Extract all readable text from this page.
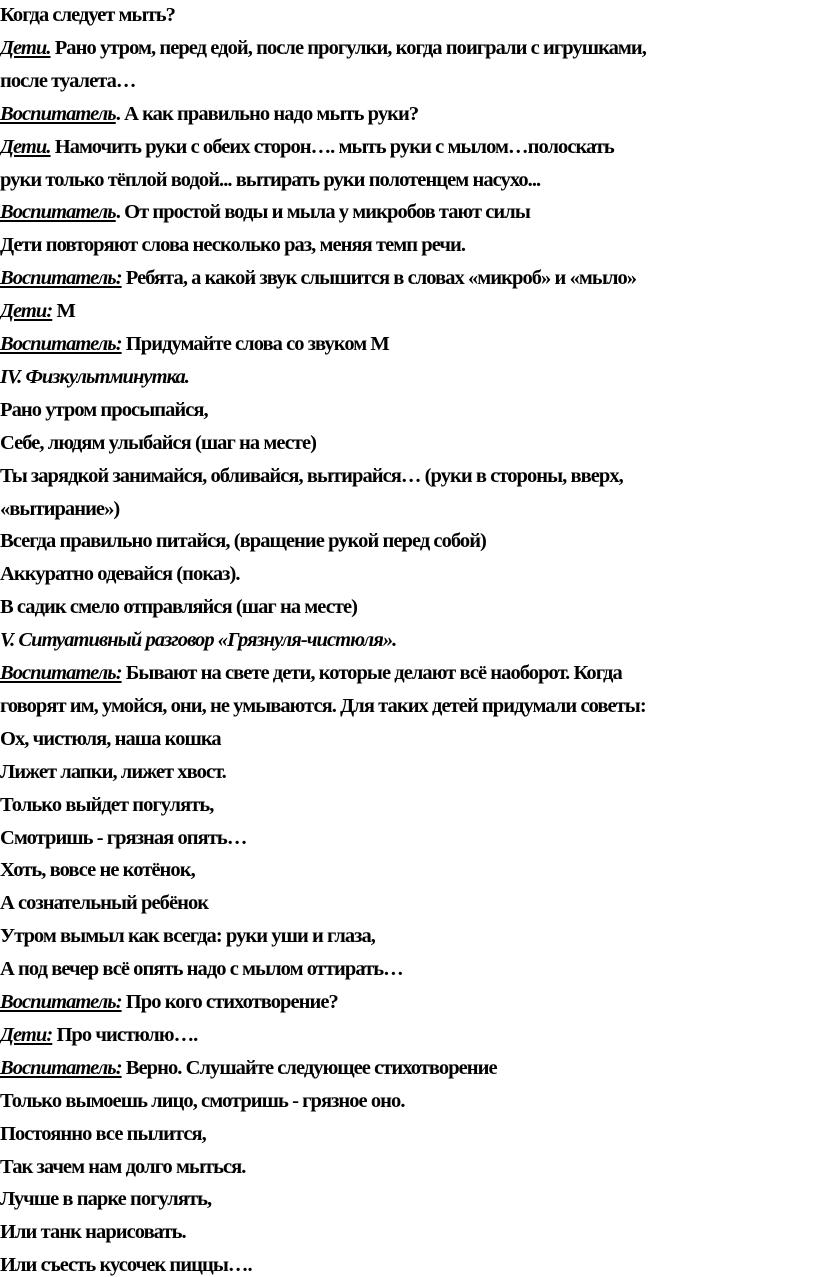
Когда следует мыть?
Дети. Рано утром, перед едой, после прогулки, когда поиграли с игрушками,
после туалета…
Воспитатель. А как правильно надо мыть руки?
Дети. Намочить руки с обеих сторон…. мыть руки с мылом…полоскать
руки только тёплой водой... вытирать руки полотенцем насухо...
Воспитатель. От простой воды и мыла у микробов тают силы
Дети повторяют слова несколько раз, меняя темп речи.
Воспитатель: Ребята, а какой звук слышится в словах «микроб» и «мыло»
Дети: М
Воспитатель: Придумайте слова со звуком М
IV. Физкультминутка.
Рано утром просыпайся,
Себе, людям улыбайся (шаг на месте)
Ты зарядкой занимайся, обливайся, вытирайся… (руки в стороны, вверх,
«вытирание»)
Всегда правильно питайся, (вращение рукой перед собой)
Аккуратно одевайся (показ).
В садик смело отправляйся (шаг на месте)
V. Ситуативный разговор «Грязнуля-чистюля».
Воспитатель: Бывают на свете дети, которые делают всё наоборот. Когда
говорят им, умойся, они, не умываются. Для таких детей придумали советы:
Ох, чистюля, наша кошка
Лижет лапки, лижет хвост.
Только выйдет погулять,
Смотришь - грязная опять…
Хоть, вовсе не котёнок,
А сознательный ребёнок
Утром вымыл как всегда: руки уши и глаза,
А под вечер всё опять надо с мылом оттирать…
Воспитатель: Про кого стихотворение?
Дети: Про чистюлю….
Воспитатель: Верно. Слушайте следующее стихотворение
Только вымоешь лицо, смотришь - грязное оно.
Постоянно все пылится,
Так зачем нам долго мыться.
Лучше в парке погулять,
Или танк нарисовать.
Или съесть кусочек пиццы….
